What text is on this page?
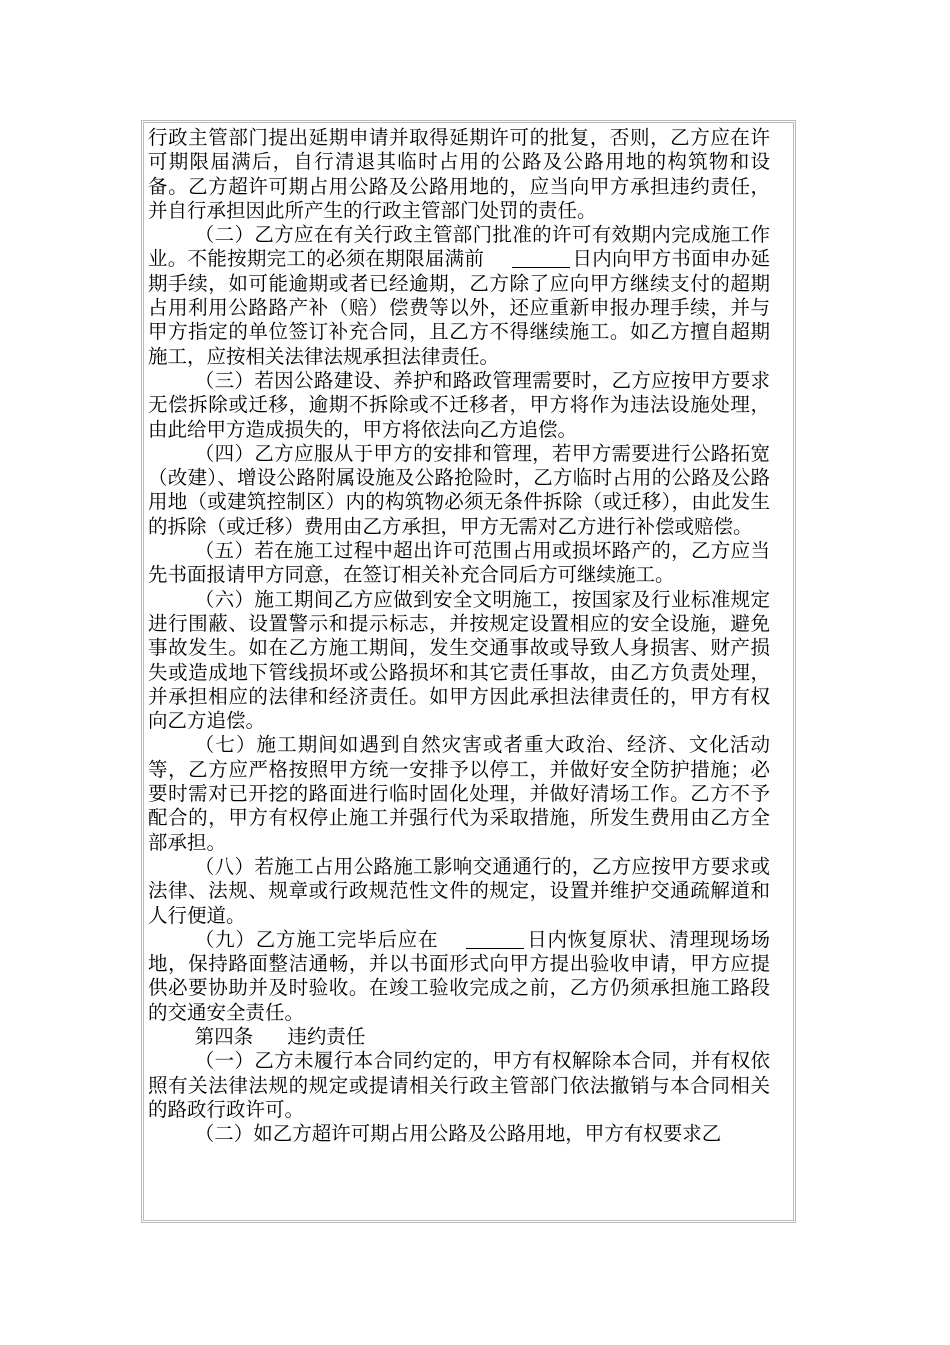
行政主管部门提出延期申请并取得延期许可的批复，否则，乙方应在许可期限届满后，自行清退其临时占用的公路及公路用地的构筑物和设备。乙方超许可期占用公路及公路用地的，应当向甲方承担违约责任，并自行承担因此所产生的行政主管部门处罚的责任。

（二）乙方应在有关行政主管部门批准的许可有效期内完成施工作业。不能按期完工的必须在期限届满前	日内向甲方书面申办延期手续，如可能逾期或者已经逾期，乙方除了应向甲方继续支付的超期占用利用公路路产补（赔）偿费等以外，还应重新申报办理手续，并与甲方指定的单位签订补充合同，且乙方不得继续施工。如乙方擅自超期施工，应按相关法律法规承担法律责任。

（三）若因公路建设、养护和路政管理需要时，乙方应按甲方要求无偿拆除或迁移，逾期不拆除或不迁移者，甲方将作为违法设施处理，由此给甲方造成损失的，甲方将依法向乙方追偿。

（四）乙方应服从于甲方的安排和管理，若甲方需要进行公路拓宽（改建）、增设公路附属设施及公路抢险时，乙方临时占用的公路及公路用地（或建筑控制区）内的构筑物必须无条件拆除（或迁移），由此发生的拆除（或迁移）费用由乙方承担，甲方无需对乙方进行补偿或赔偿。

（五）若在施工过程中超出许可范围占用或损坏路产的，乙方应当先书面报请甲方同意，在签订相关补充合同后方可继续施工。

（六）施工期间乙方应做到安全文明施工，按国家及行业标准规定进行围蔽、设置警示和提示标志，并按规定设置相应的安全设施，避免事故发生。如在乙方施工期间，发生交通事故或导致人身损害、财产损失或造成地下管线损坏或公路损坏和其它责任事故，由乙方负责处理，并承担相应的法律和经济责任。如甲方因此承担法律责任的，甲方有权向乙方追偿。

（七）施工期间如遇到自然灾害或者重大政治、经济、文化活动等，乙方应严格按照甲方统一安排予以停工，并做好安全防护措施；必要时需对已开挖的路面进行临时固化处理，并做好清场工作。乙方不予配合的，甲方有权停止施工并强行代为采取措施，所发生费用由乙方全部承担。

（八）若施工占用公路施工影响交通通行的，乙方应按甲方要求或法律、法规、规章或行政规范性文件的规定，设置并维护交通疏解道和人行便道。

（九）乙方施工完毕后应在	日内恢复原状、清理现场场地，保持路面整洁通畅，并以书面形式向甲方提出验收申请，甲方应提供必要协助并及时验收。在竣工验收完成之前，乙方仍须承担施工路段的交通安全责任。

第四条 违约责任

（一）乙方未履行本合同约定的，甲方有权解除本合同，并有权依照有关法律法规的规定或提请相关行政主管部门依法撤销与本合同相关的路政行政许可。

（二）如乙方超许可期占用公路及公路用地，甲方有权要求乙
